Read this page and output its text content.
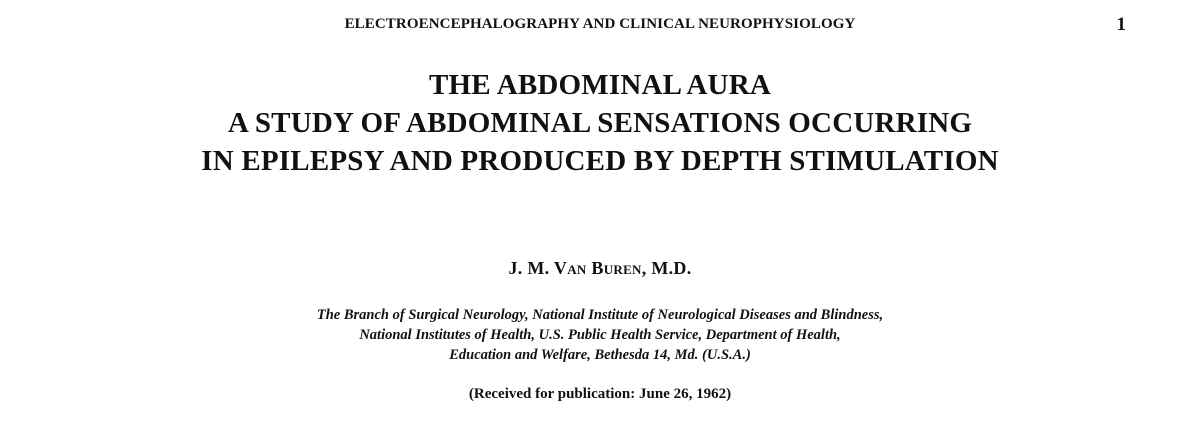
ELECTROENCEPHALOGRAPHY AND CLINICAL NEUROPHYSIOLOGY	1
THE ABDOMINAL AURA
A STUDY OF ABDOMINAL SENSATIONS OCCURRING
IN EPILEPSY AND PRODUCED BY DEPTH STIMULATION
J. M. Van Buren, M.D.
The Branch of Surgical Neurology, National Institute of Neurological Diseases and Blindness,
National Institutes of Health, U.S. Public Health Service, Department of Health,
Education and Welfare, Bethesda 14, Md. (U.S.A.)
(Received for publication: June 26, 1962)
